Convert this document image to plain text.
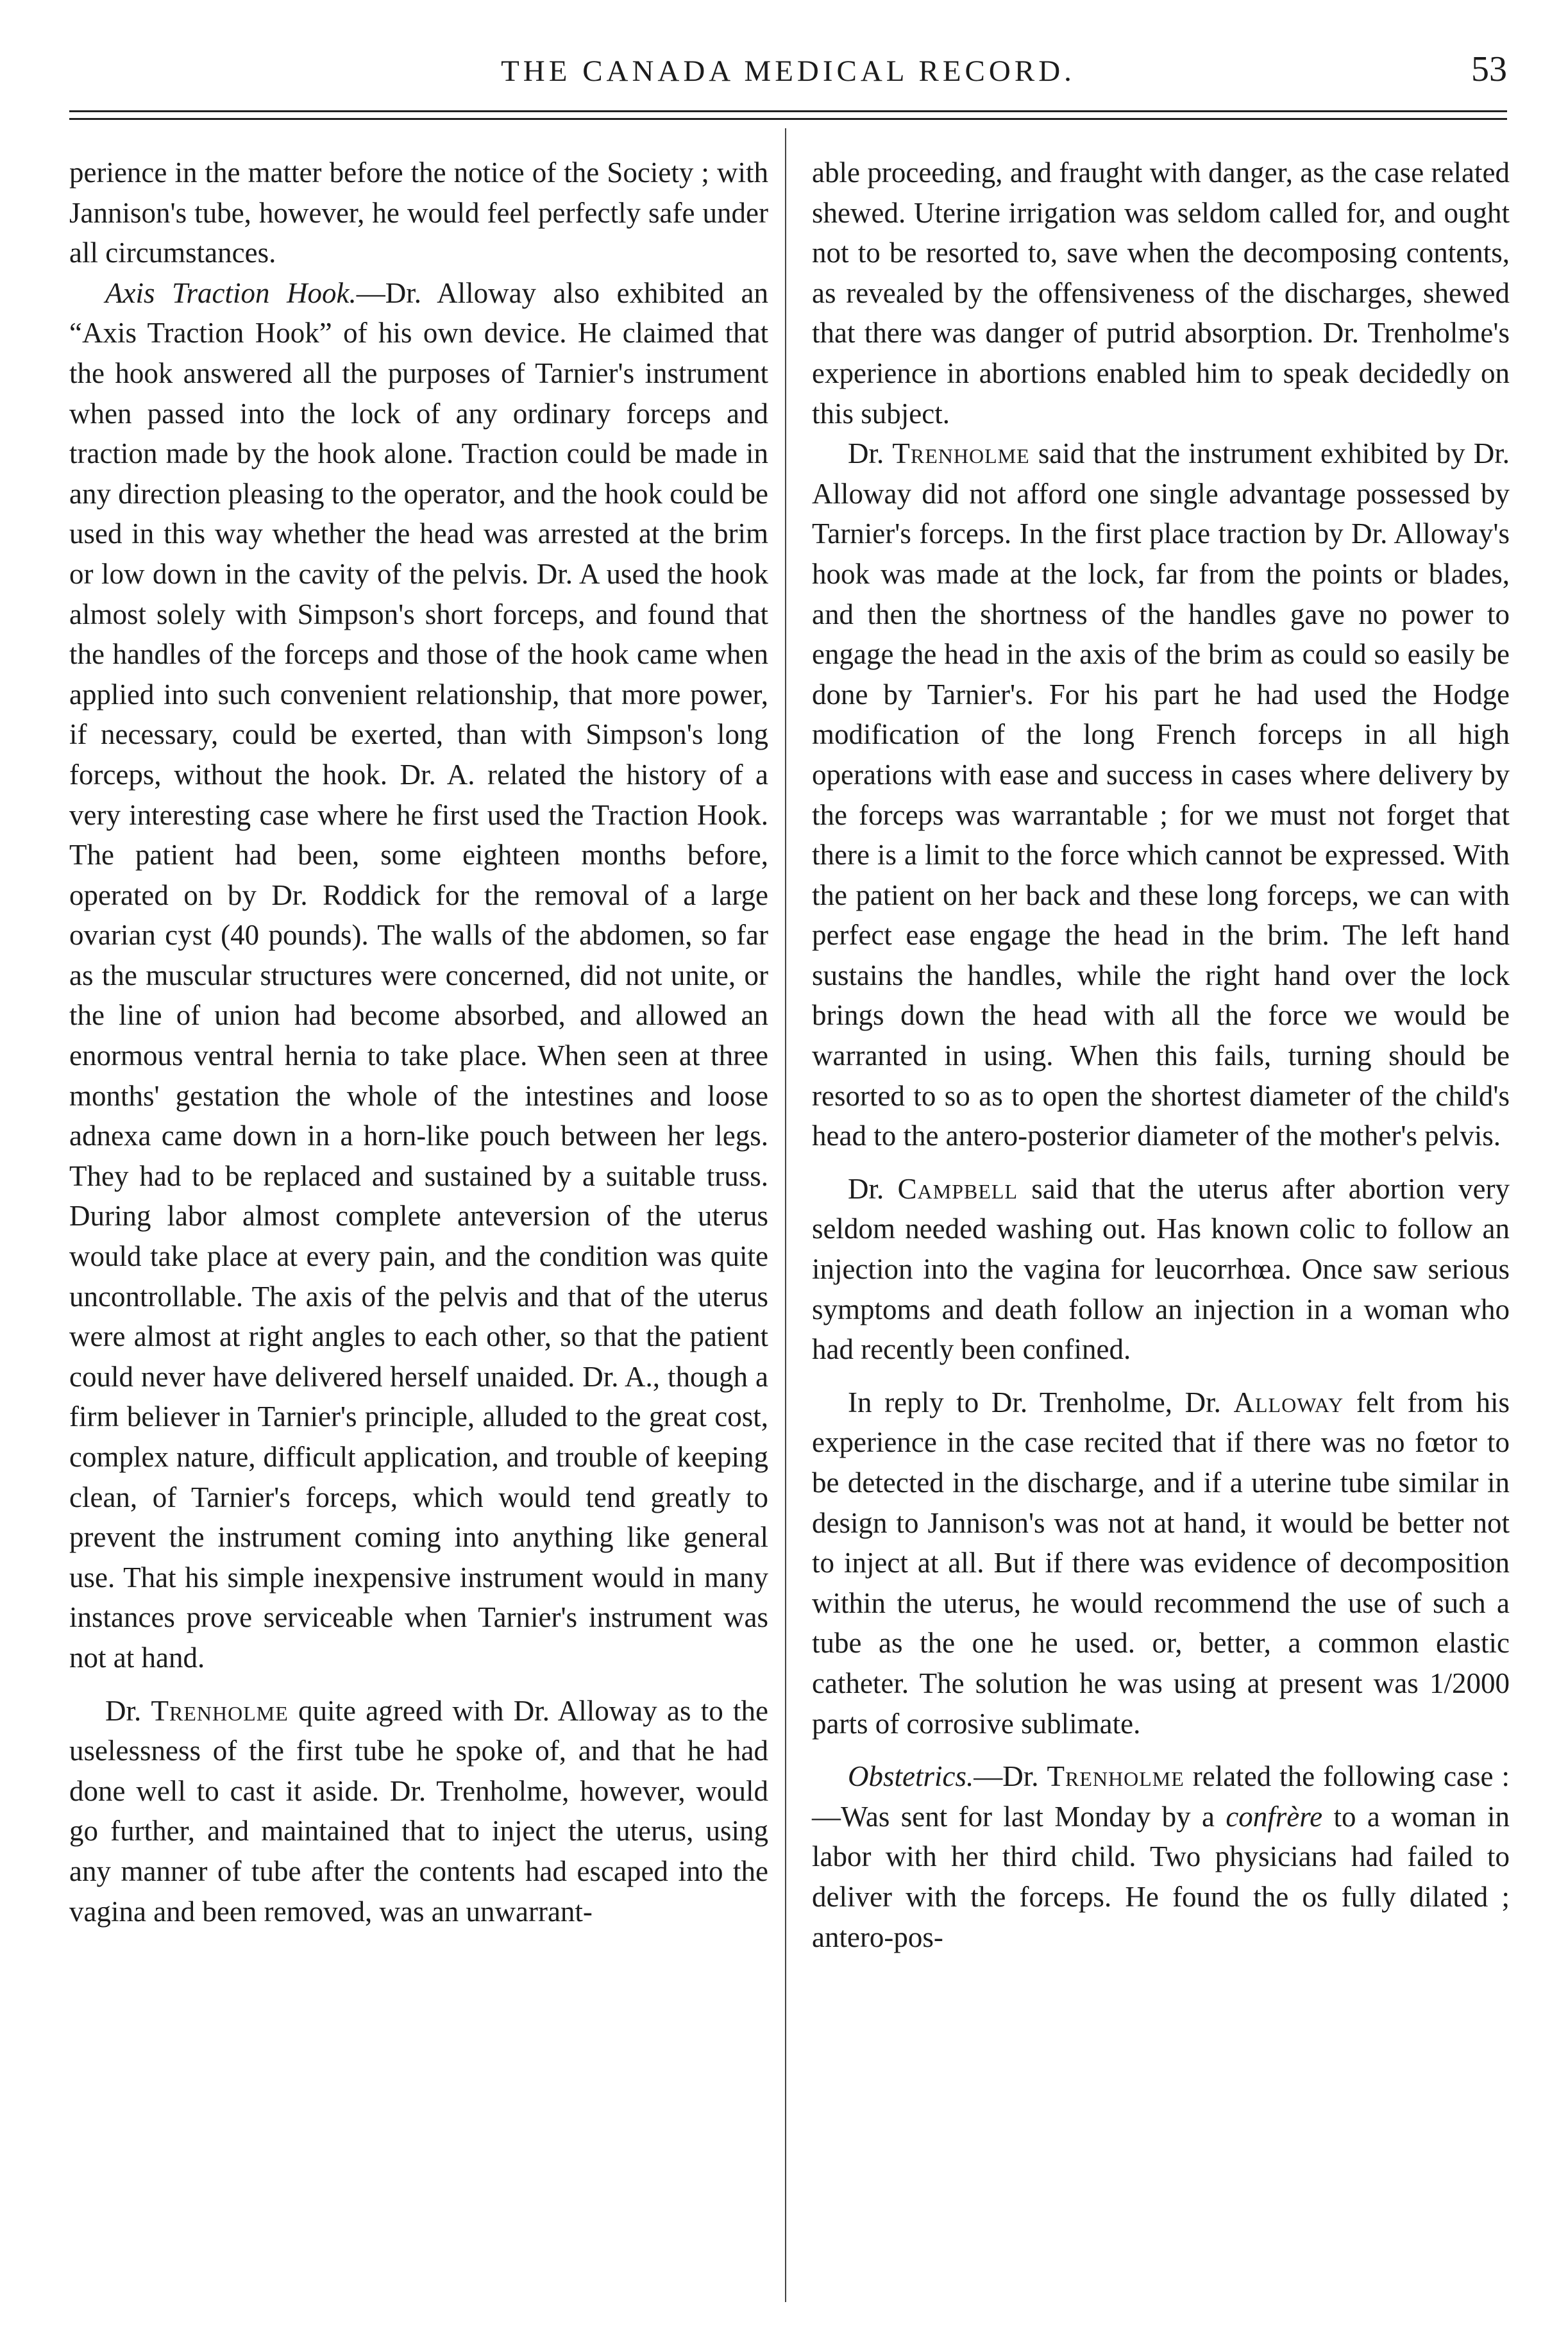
THE CANADA MEDICAL RECORD.	53

perience in the matter before the notice of the Society ; with Jannison's tube, however, he would feel perfectly safe under all circumstances.

Axis Traction Hook.—Dr. Alloway also exhibited an “Axis Traction Hook” of his own device. He claimed that the hook answered all the purposes of Tarnier's instrument when passed into the lock of any ordinary forceps and traction made by the hook alone. Traction could be made in any direction pleasing to the operator, and the hook could be used in this way whether the head was arrested at the brim or low down in the cavity of the pelvis. Dr. A used the hook almost solely with Simpson's short forceps, and found that the handles of the forceps and those of the hook came when applied into such convenient relationship, that more power, if necessary, could be exerted, than with Simpson's long forceps, without the hook. Dr. A. related the history of a very interesting case where he first used the Traction Hook. The patient had been, some eighteen months before, operated on by Dr. Roddick for the removal of a large ovarian cyst (40 pounds). The walls of the abdomen, so far as the muscular structures were concerned, did not unite, or the line of union had become absorbed, and allowed an enormous ventral hernia to take place. When seen at three months' gestation the whole of the intestines and loose adnexa came down in a horn-like pouch between her legs. They had to be replaced and sustained by a suitable truss. During labor almost complete anteversion of the uterus would take place at every pain, and the condition was quite uncontrollable. The axis of the pelvis and that of the uterus were almost at right angles to each other, so that the patient could never have delivered herself unaided. Dr. A., though a firm believer in Tarnier's principle, alluded to the great cost, complex nature, difficult application, and trouble of keeping clean, of Tarnier's forceps, which would tend greatly to prevent the instrument coming into anything like general use. That his simple inexpensive instrument would in many instances prove serviceable when Tarnier's instrument was not at hand.

Dr. Trenholme quite agreed with Dr. Alloway as to the uselessness of the first tube he spoke of, and that he had done well to cast it aside. Dr. Trenholme, however, would go further, and maintained that to inject the uterus, using any manner of tube after the contents had escaped into the vagina and been removed, was an unwarrant-

able proceeding, and fraught with danger, as the case related shewed. Uterine irrigation was seldom called for, and ought not to be resorted to, save when the decomposing contents, as revealed by the offensiveness of the discharges, shewed that there was danger of putrid absorption. Dr. Trenholme's experience in abortions enabled him to speak decidedly on this subject.

Dr. Trenholme said that the instrument exhibited by Dr. Alloway did not afford one single advantage possessed by Tarnier's forceps. In the first place traction by Dr. Alloway's hook was made at the lock, far from the points or blades, and then the shortness of the handles gave no power to engage the head in the axis of the brim as could so easily be done by Tarnier's. For his part he had used the Hodge modification of the long French forceps in all high operations with ease and success in cases where delivery by the forceps was warrantable ; for we must not forget that there is a limit to the force which cannot be expressed. With the patient on her back and these long forceps, we can with perfect ease engage the head in the brim. The left hand sustains the handles, while the right hand over the lock brings down the head with all the force we would be warranted in using. When this fails, turning should be resorted to so as to open the shortest diameter of the child's head to the antero-posterior diameter of the mother's pelvis.

Dr. Campbell said that the uterus after abortion very seldom needed washing out. Has known colic to follow an injection into the vagina for leucorrhœa. Once saw serious symptoms and death follow an injection in a woman who had recently been confined.

In reply to Dr. Trenholme, Dr. Alloway felt from his experience in the case recited that if there was no fœtor to be detected in the discharge, and if a uterine tube similar in design to Jannison's was not at hand, it would be better not to inject at all. But if there was evidence of decomposition within the uterus, he would recommend the use of such a tube as the one he used. or, better, a common elastic catheter. The solution he was using at present was 1/2000 parts of corrosive sublimate.

Obstetrics.—Dr. Trenholme related the following case :—Was sent for last Monday by a confrère to a woman in labor with her third child. Two physicians had failed to deliver with the forceps. He found the os fully dilated ; antero-pos-
